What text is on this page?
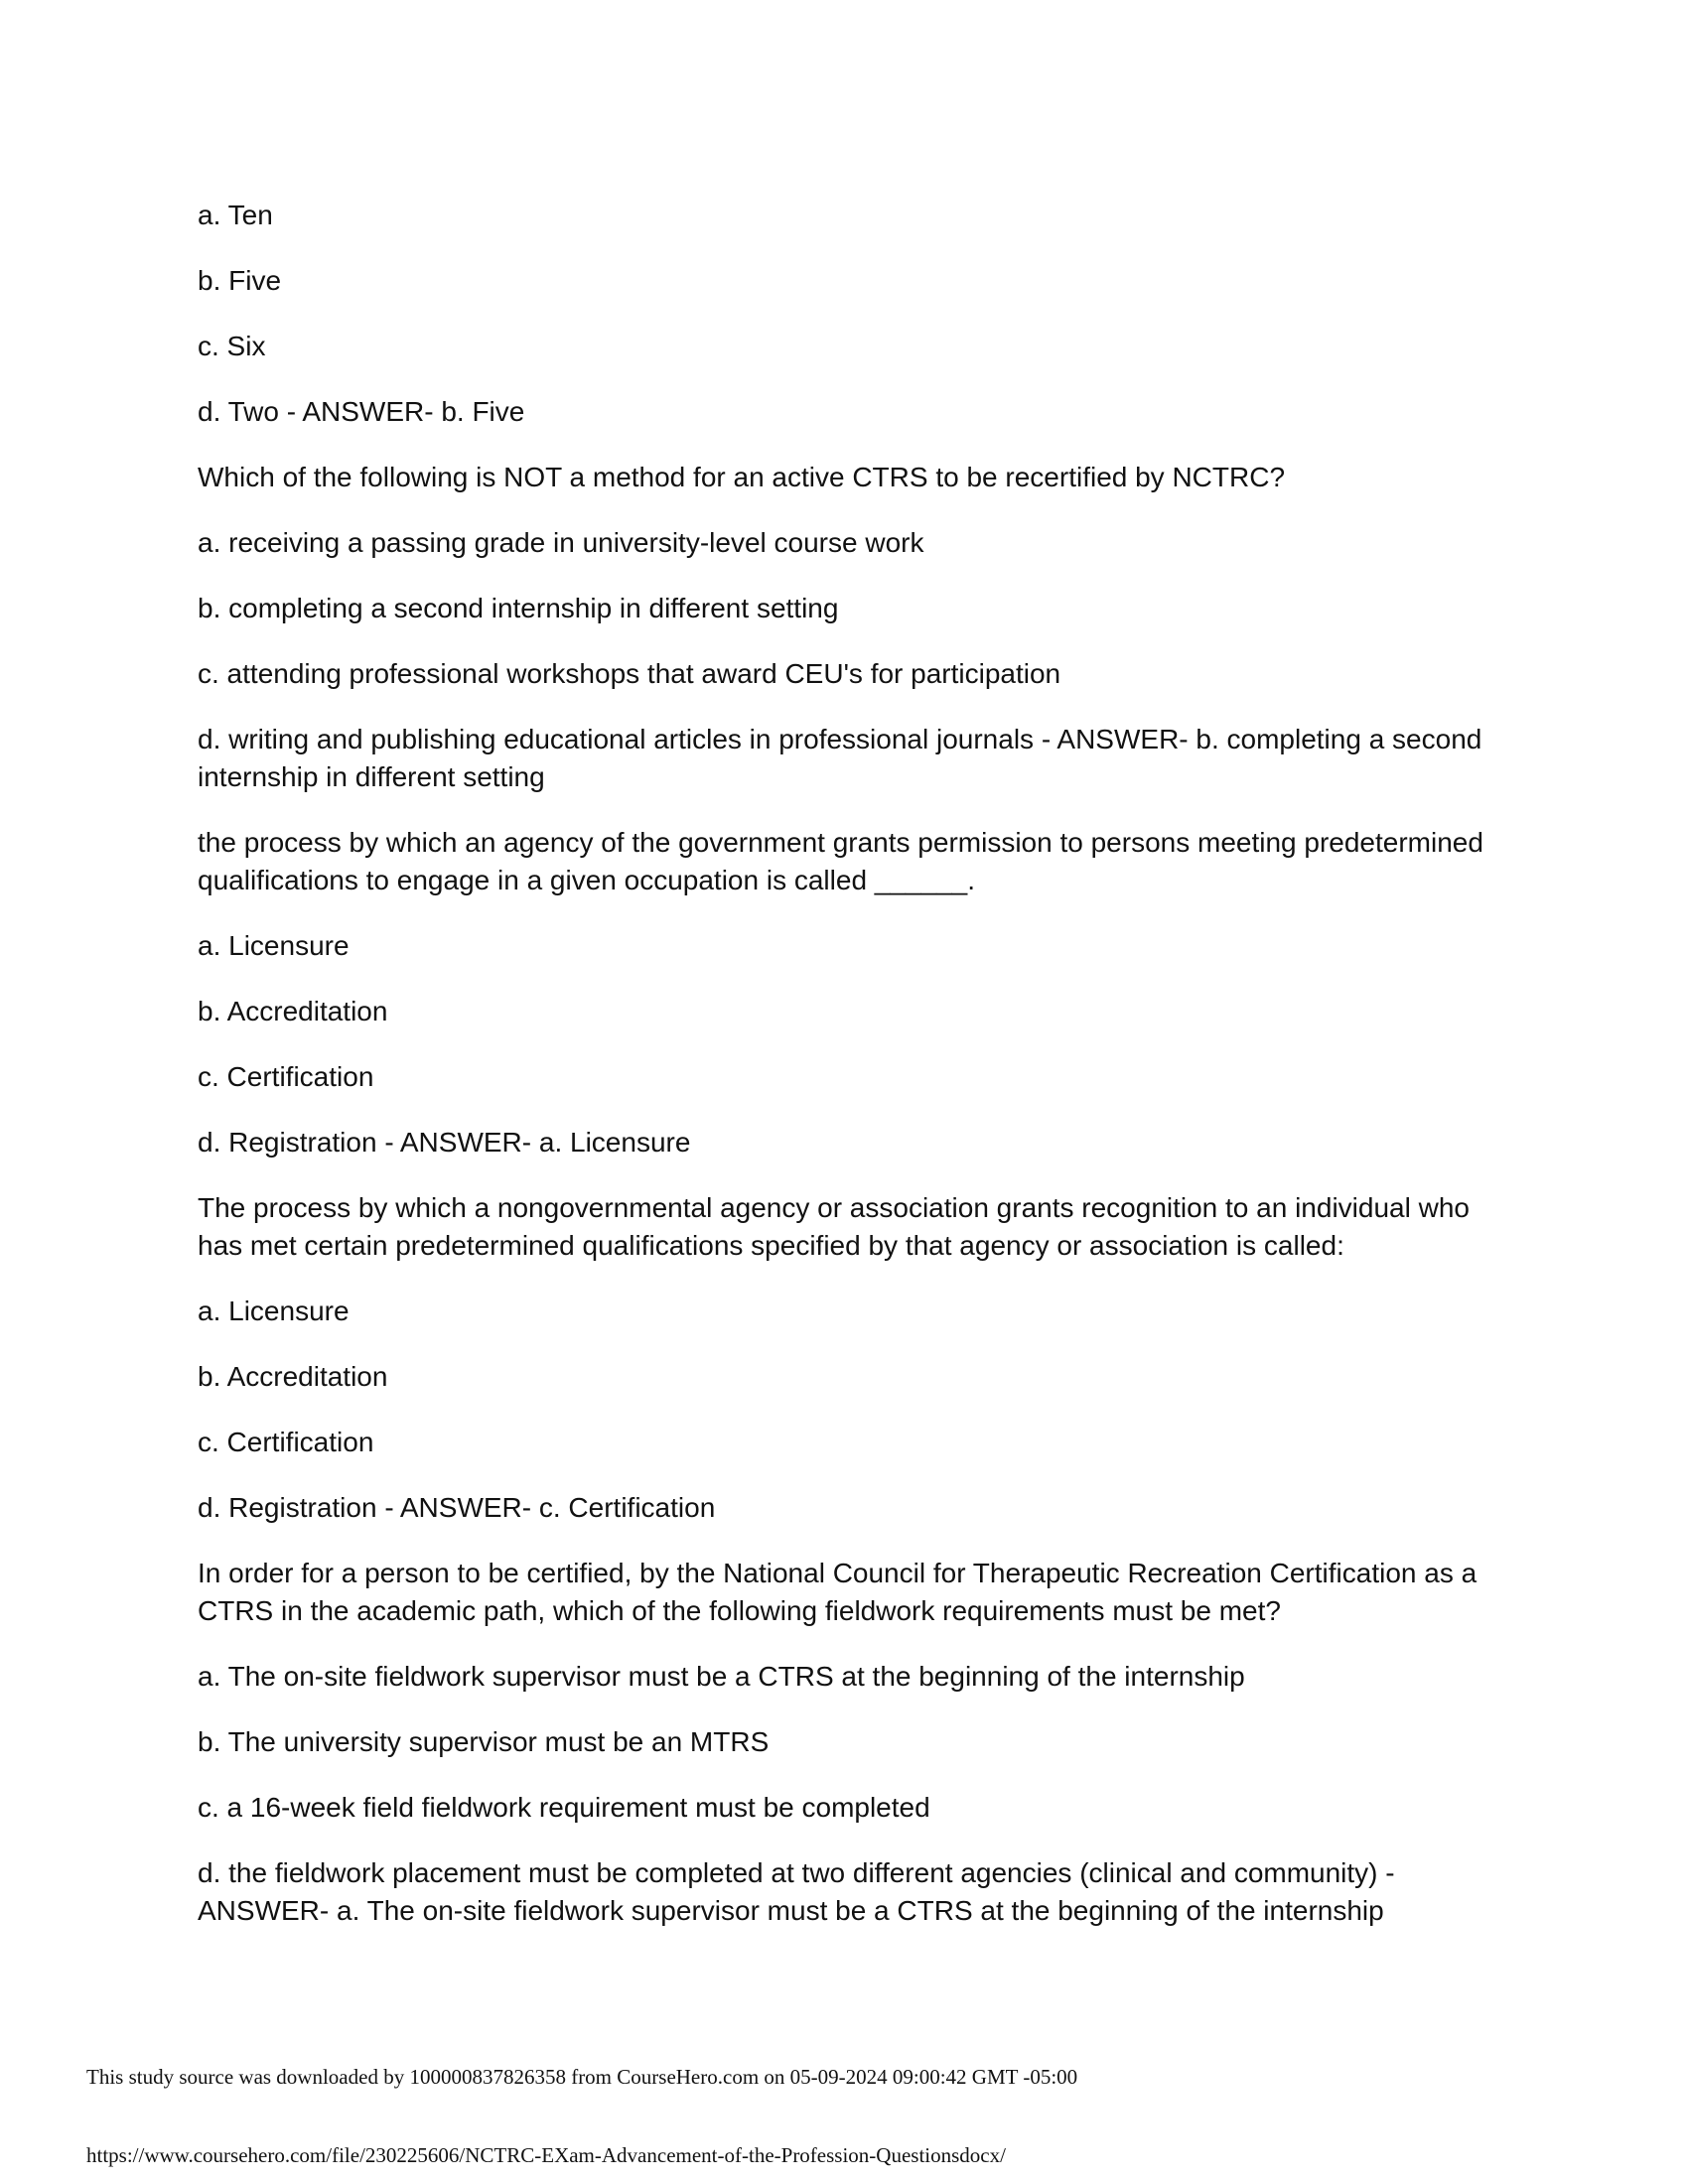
a. Ten

b. Five

c. Six

d. Two - ANSWER- b. Five

Which of the following is NOT a method for an active CTRS to be recertified by NCTRC?

a. receiving a passing grade in university-level course work

b. completing a second internship in different setting

c. attending professional workshops that award CEU's for participation

d. writing and publishing educational articles in professional journals - ANSWER- b. completing a second internship in different setting

the process by which an agency of the government grants permission to persons meeting predetermined qualifications to engage in a given occupation is called ______.

a. Licensure

b. Accreditation

c. Certification

d. Registration - ANSWER- a. Licensure

The process by which a nongovernmental agency or association grants recognition to an individual who has met certain predetermined qualifications specified by that agency or association is called:

a. Licensure

b. Accreditation

c. Certification

d. Registration - ANSWER- c. Certification

In order for a person to be certified, by the National Council for Therapeutic Recreation Certification as a CTRS in the academic path, which of the following fieldwork requirements must be met?

a. The on-site fieldwork supervisor must be a CTRS at the beginning of the internship

b. The university supervisor must be an MTRS

c. a 16-week field fieldwork requirement must be completed

d. the fieldwork placement must be completed at two different agencies (clinical and community) - ANSWER- a. The on-site fieldwork supervisor must be a CTRS at the beginning of the internship

This study source was downloaded by 100000837826358 from CourseHero.com on 05-09-2024 09:00:42 GMT -05:00
https://www.coursehero.com/file/230225606/NCTRC-EXam-Advancement-of-the-Profession-Questionsdocx/
